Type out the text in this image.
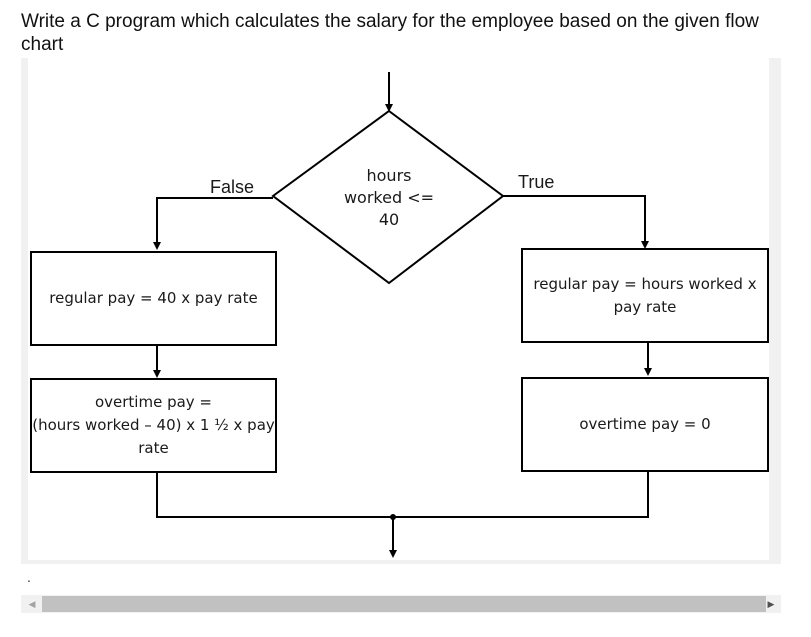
Write a C program which calculates the salary for the employee based on the given flow chart
hours
worked <=
40
False	True
regular pay = 40 x pay rate
overtime pay =
(hours worked – 40) x 1 ½ x pay
rate
regular pay = hours worked x
pay rate
overtime pay = 0
.
◀	▶
